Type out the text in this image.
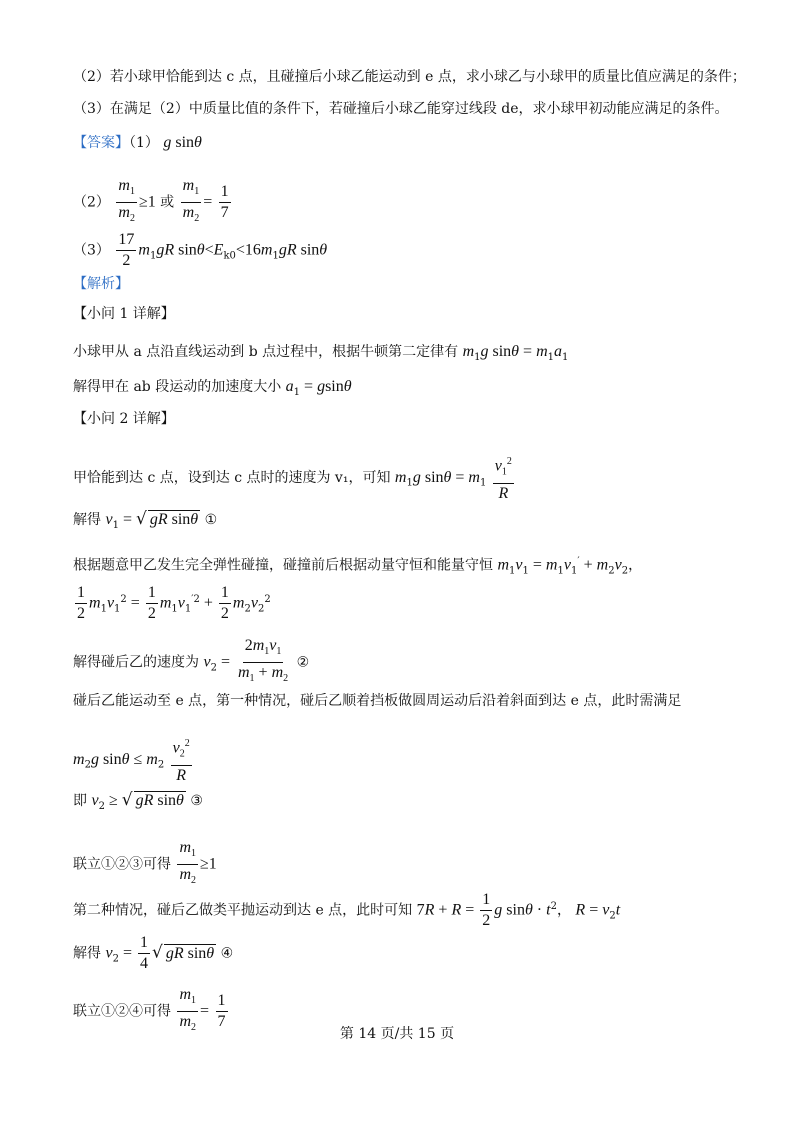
（2）若小球甲恰能到达 c 点，且碰撞后小球乙能运动到 e 点，求小球乙与小球甲的质量比值应满足的条件；
（3）在满足（2）中质量比值的条件下，若碰撞后小球乙能穿过线段 de，求小球甲初动能应满足的条件。
【答案】（1） g sinθ
$(2) \frac{m_1}{m_2} \ge 1$ 或 $\frac{m_1}{m_2} = \frac{1}{7}$
$(3) \frac{17}{2} m_1gR$ $\sin\theta<E_{k0}<16m_1gR$ sinθ
【解析】
【小问 1 详解】
小球甲从 a 点沿直线运动到 b 点过程中，根据牛顿第二定律有 $m_1g$ $\sin\theta = m_1a_1$
解得甲在 ab 段运动的加速度大小 $a_1 = gsin\theta$
【小问 2 详解】
甲恰能到达 c 点，设到达 c 点时的速度为 v₁，可知 $m_1g$ $\sin\theta = m_1 \frac{v_1^2}{R}$
解得 $v_1$ = √ gR sinθ ①
根据题意甲乙发生完全弹性碰撞，碰撞前后根据动量守恒和能量守恒 $m_1v_1 = m_1v_1' + m_2v_2$，
$\frac{1}{2} m_1v_1^2 = \frac{1}{2} m_1v_1^{'2} + \frac{1}{2} m_2v_2^2$
解得碰后乙的速度为 $v_2 = \frac{2m_1v_1}{m_1 + m_2}$ ②
碰后乙能运动至 e 点，第一种情况，碰后乙顺着挡板做圆周运动后沿着斜面到达 e 点，此时需满足
$m_2g$ $\sin\theta \le m_2 \frac{v_2^2}{R}$
即 $v_2$ ≥ √ gR sinθ ③
联立①②③可得 $\frac{m_1}{m_2} \ge 1$
第二种情况，碰后乙做类平抛运动到达 e 点，此时可知 $7R + R = \frac{1}{2}$ g $\sin\theta \cdot t^2$， $R = v_2t$
解得 $v_2 = \frac{1}{4}$ √ gR sinθ ④
联立①②④可得 $\frac{m_1}{m_2} = \frac{1}{7}$
第 14 页/共 15 页
